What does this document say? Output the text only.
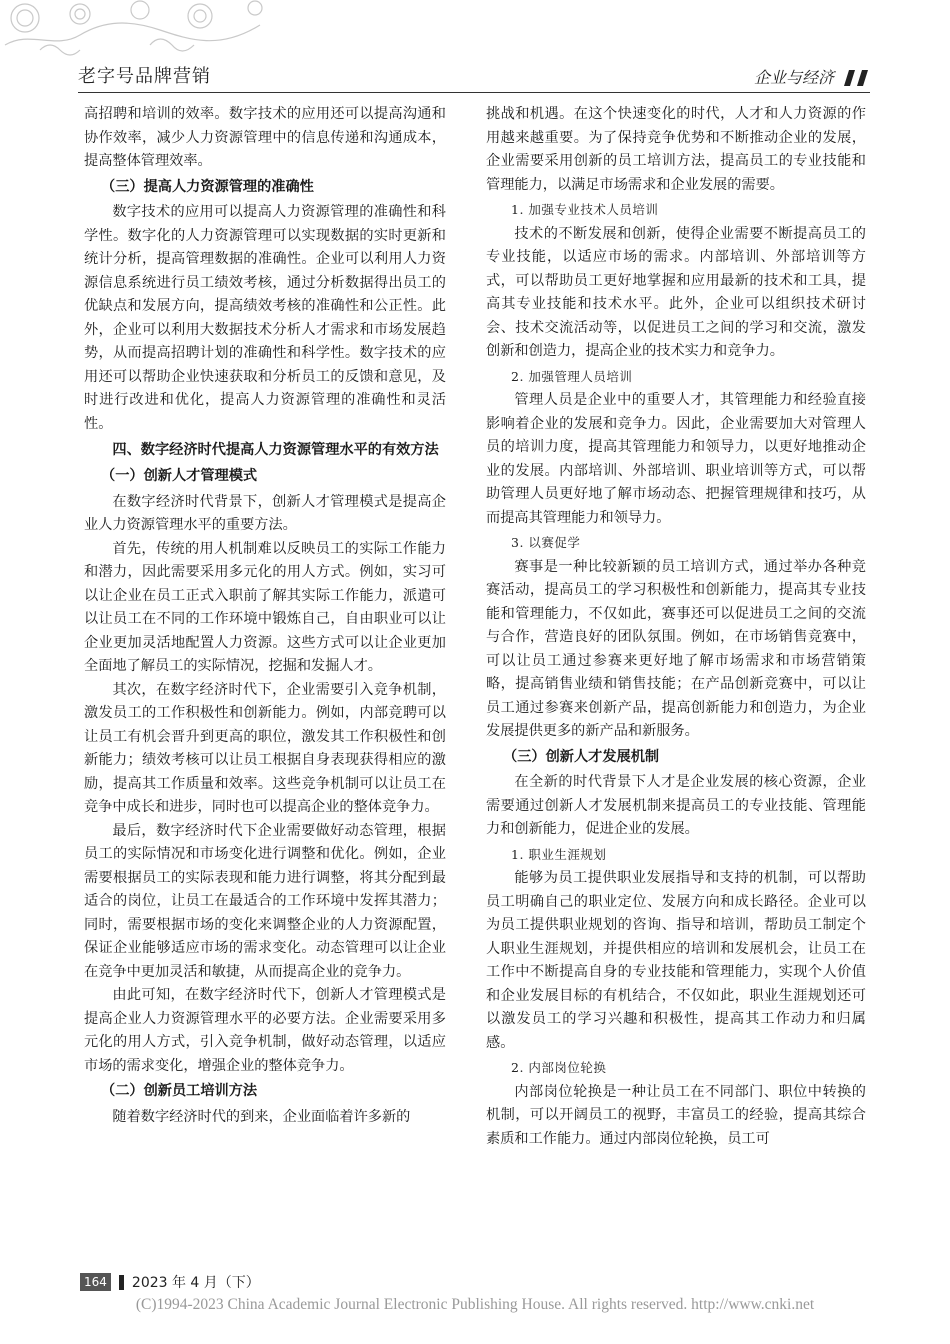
老字号品牌营销	企业与经济

高招聘和培训的效率。数字技术的应用还可以提高沟通和协作效率，减少人力资源管理中的信息传递和沟通成本，提高整体管理效率。

（三）提高人力资源管理的准确性

数字技术的应用可以提高人力资源管理的准确性和科学性。数字化的人力资源管理可以实现数据的实时更新和统计分析，提高管理数据的准确性。企业可以利用人力资源信息系统进行员工绩效考核，通过分析数据得出员工的优缺点和发展方向，提高绩效考核的准确性和公正性。此外，企业可以利用大数据技术分析人才需求和市场发展趋势，从而提高招聘计划的准确性和科学性。数字技术的应用还可以帮助企业快速获取和分析员工的反馈和意见，及时进行改进和优化，提高人力资源管理的准确性和灵活性。

四、数字经济时代提高人力资源管理水平的有效方法
（一）创新人才管理模式

在数字经济时代背景下，创新人才管理模式是提高企业人力资源管理水平的重要方法。

首先，传统的用人机制难以反映员工的实际工作能力和潜力，因此需要采用多元化的用人方式。例如，实习可以让企业在员工正式入职前了解其实际工作能力，派遣可以让员工在不同的工作环境中锻炼自己，自由职业可以让企业更加灵活地配置人力资源。这些方式可以让企业更加全面地了解员工的实际情况，挖掘和发掘人才。

其次，在数字经济时代下，企业需要引入竞争机制，激发员工的工作积极性和创新能力。例如，内部竞聘可以让员工有机会晋升到更高的职位，激发其工作积极性和创新能力；绩效考核可以让员工根据自身表现获得相应的激励，提高其工作质量和效率。这些竞争机制可以让员工在竞争中成长和进步，同时也可以提高企业的整体竞争力。

最后，数字经济时代下企业需要做好动态管理，根据员工的实际情况和市场变化进行调整和优化。例如，企业需要根据员工的实际表现和能力进行调整，将其分配到最适合的岗位，让员工在最适合的工作环境中发挥其潜力；同时，需要根据市场的变化来调整企业的人力资源配置，保证企业能够适应市场的需求变化。动态管理可以让企业在竞争中更加灵活和敏捷，从而提高企业的竞争力。

由此可知，在数字经济时代下，创新人才管理模式是提高企业人力资源管理水平的必要方法。企业需要采用多元化的用人方式，引入竞争机制，做好动态管理，以适应市场的需求变化，增强企业的整体竞争力。

（二）创新员工培训方法

随着数字经济时代的到来，企业面临着许多新的

挑战和机遇。在这个快速变化的时代，人才和人力资源的作用越来越重要。为了保持竞争优势和不断推动企业的发展，企业需要采用创新的员工培训方法，提高员工的专业技能和管理能力，以满足市场需求和企业发展的需要。

1. 加强专业技术人员培训

技术的不断发展和创新，使得企业需要不断提高员工的专业技能，以适应市场的需求。内部培训、外部培训等方式，可以帮助员工更好地掌握和应用最新的技术和工具，提高其专业技能和技术水平。此外，企业可以组织技术研讨会、技术交流活动等，以促进员工之间的学习和交流，激发创新和创造力，提高企业的技术实力和竞争力。

2. 加强管理人员培训

管理人员是企业中的重要人才，其管理能力和经验直接影响着企业的发展和竞争力。因此，企业需要加大对管理人员的培训力度，提高其管理能力和领导力，以更好地推动企业的发展。内部培训、外部培训、职业培训等方式，可以帮助管理人员更好地了解市场动态、把握管理规律和技巧，从而提高其管理能力和领导力。

3. 以赛促学

赛事是一种比较新颖的员工培训方式，通过举办各种竞赛活动，提高员工的学习积极性和创新能力，提高其专业技能和管理能力，不仅如此，赛事还可以促进员工之间的交流与合作，营造良好的团队氛围。例如，在市场销售竞赛中，可以让员工通过参赛来更好地了解市场需求和市场营销策略，提高销售业绩和销售技能；在产品创新竞赛中，可以让员工通过参赛来创新产品，提高创新能力和创造力，为企业发展提供更多的新产品和新服务。

（三）创新人才发展机制

在全新的时代背景下人才是企业发展的核心资源，企业需要通过创新人才发展机制来提高员工的专业技能、管理能力和创新能力，促进企业的发展。

1. 职业生涯规划

能够为员工提供职业发展指导和支持的机制，可以帮助员工明确自己的职业定位、发展方向和成长路径。企业可以为员工提供职业规划的咨询、指导和培训，帮助员工制定个人职业生涯规划，并提供相应的培训和发展机会，让员工在工作中不断提高自身的专业技能和管理能力，实现个人价值和企业发展目标的有机结合，不仅如此，职业生涯规划还可以激发员工的学习兴趣和积极性，提高其工作动力和归属感。

2. 内部岗位轮换

内部岗位轮换是一种让员工在不同部门、职位中转换的机制，可以开阔员工的视野，丰富员工的经验，提高其综合素质和工作能力。通过内部岗位轮换，员工可

164 2023 年 4 月（下）
(C)1994-2023 China Academic Journal Electronic Publishing House. All rights reserved. http://www.cnki.net
